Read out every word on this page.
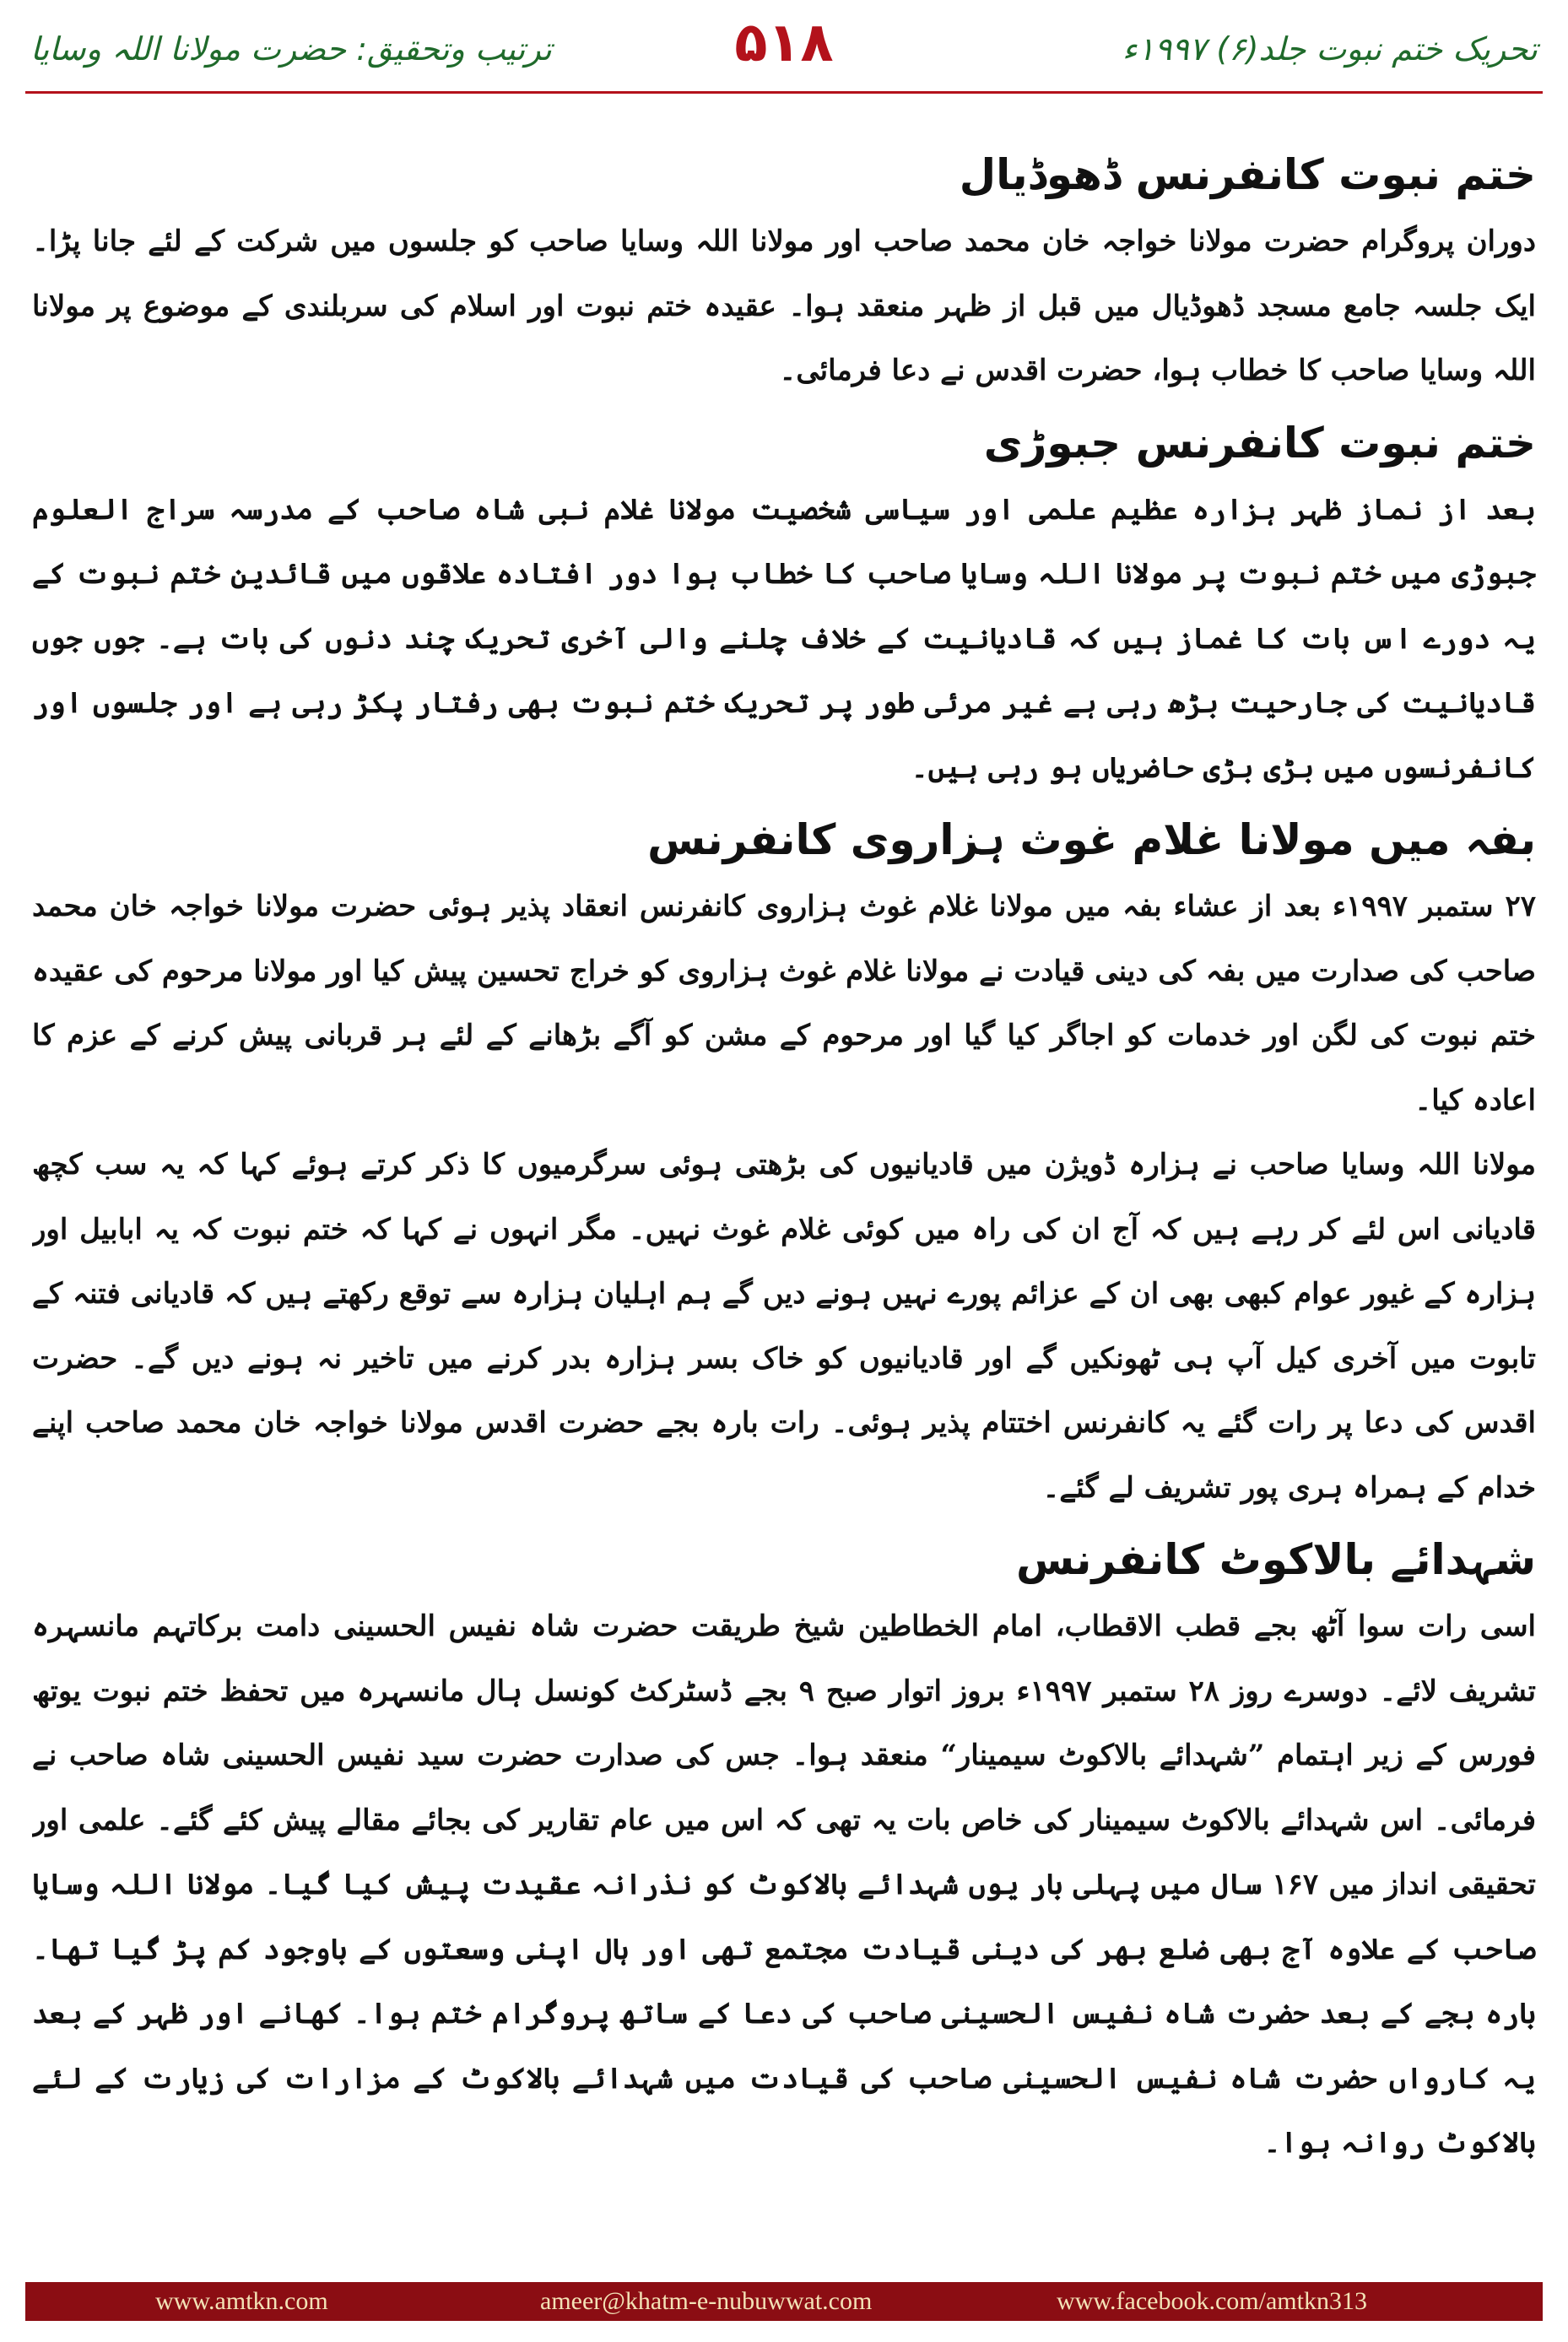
تحریک ختم نبوت جلد(۶) ۱۹۹۷ء
۵۱۸
ترتیب وتحقیق: حضرت مولانا اللہ وسایا
ختم نبوت کانفرنس ڈھوڈیال

دوران پروگرام حضرت مولانا خواجہ خان محمد صاحب اور مولانا اللہ وسایا صاحب کو جلسوں میں شرکت کے لئے جانا پڑا۔ ایک جلسہ جامع مسجد ڈھوڈیال میں قبل از ظہر منعقد ہوا۔ عقیدہ ختم نبوت اور اسلام کی سربلندی کے موضوع پر مولانا اللہ وسایا صاحب کا خطاب ہوا، حضرت اقدس نے دعا فرمائی۔

ختم نبوت کانفرنس جبوڑی

بعد از نماز ظہر ہزارہ عظیم علمی اور سیاسی شخصیت مولانا غلام نبی شاہ صاحب کے مدرسہ سراج العلوم جبوڑی میں ختم نبوت پر مولانا اللہ وسایا صاحب کا خطاب ہوا دور افتادہ علاقوں میں قائدین ختم نبوت کے یہ دورے اس بات کا غماز ہیں کہ قادیانیت کے خلاف چلنے والی آخری تحریک چند دنوں کی بات ہے۔ جوں جوں قادیانیت کی جارحیت بڑھ رہی ہے غیر مرئی طور پر تحریک ختم نبوت بھی رفتار پکڑ رہی ہے اور جلسوں اور کانفرنسوں میں بڑی بڑی حاضریاں ہو رہی ہیں۔

بفہ میں مولانا غلام غوث ہزاروی کانفرنس

۲۷ ستمبر ۱۹۹۷ء بعد از عشاء بفہ میں مولانا غلام غوث ہزاروی کانفرنس انعقاد پذیر ہوئی حضرت مولانا خواجہ خان محمد صاحب کی صدارت میں بفہ کی دینی قیادت نے مولانا غلام غوث ہزاروی کو خراج تحسین پیش کیا اور مولانا مرحوم کی عقیدہ ختم نبوت کی لگن اور خدمات کو اجاگر کیا گیا اور مرحوم کے مشن کو آگے بڑھانے کے لئے ہر قربانی پیش کرنے کے عزم کا اعادہ کیا۔

مولانا اللہ وسایا صاحب نے ہزارہ ڈویژن میں قادیانیوں کی بڑھتی ہوئی سرگرمیوں کا ذکر کرتے ہوئے کہا کہ یہ سب کچھ قادیانی اس لئے کر رہے ہیں کہ آج ان کی راہ میں کوئی غلام غوث نہیں۔ مگر انہوں نے کہا کہ ختم نبوت کہ یہ ابابیل اور ہزارہ کے غیور عوام کبھی بھی ان کے عزائم پورے نہیں ہونے دیں گے ہم اہلیان ہزارہ سے توقع رکھتے ہیں کہ قادیانی فتنہ کے تابوت میں آخری کیل آپ ہی ٹھونکیں گے اور قادیانیوں کو خاک بسر ہزارہ بدر کرنے میں تاخیر نہ ہونے دیں گے۔ حضرت اقدس کی دعا پر رات گئے یہ کانفرنس اختتام پذیر ہوئی۔ رات بارہ بجے حضرت اقدس مولانا خواجہ خان محمد صاحب اپنے خدام کے ہمراہ ہری پور تشریف لے گئے۔

شہدائے بالاکوٹ کانفرنس

اسی رات سوا آٹھ بجے قطب الاقطاب، امام الخطاطین شیخ طریقت حضرت شاہ نفیس الحسینی دامت برکاتہم مانسہرہ تشریف لائے۔ دوسرے روز ۲۸ ستمبر ۱۹۹۷ء بروز اتوار صبح ۹ بجے ڈسٹرکٹ کونسل ہال مانسہرہ میں تحفظ ختم نبوت یوتھ فورس کے زیر اہتمام ”شہدائے بالاکوٹ سیمینار“ منعقد ہوا۔ جس کی صدارت حضرت سید نفیس الحسینی شاہ صاحب نے فرمائی۔ اس شہدائے بالاکوٹ سیمینار کی خاص بات یہ تھی کہ اس میں عام تقاریر کی بجائے مقالے پیش کئے گئے۔ علمی اور تحقیقی انداز میں ۱۶۷ سال میں پہلی بار یوں شہدائے بالاکوٹ کو نذرانہ عقیدت پیش کیا گیا۔ مولانا اللہ وسایا صاحب کے علاوہ آج بھی ضلع بھر کی دینی قیادت مجتمع تھی اور ہال اپنی وسعتوں کے باوجود کم پڑ گیا تھا۔ بارہ بجے کے بعد حضرت شاہ نفیس الحسینی صاحب کی دعا کے ساتھ پروگرام ختم ہوا۔ کھانے اور ظہر کے بعد یہ کارواں حضرت شاہ نفیس الحسینی صاحب کی قیادت میں شہدائے بالاکوٹ کے مزارات کی زیارت کے لئے بالاکوٹ روانہ ہوا۔

www.amtkn.com	ameer@khatm-e-nubuwwat.com	www.facebook.com/amtkn313
